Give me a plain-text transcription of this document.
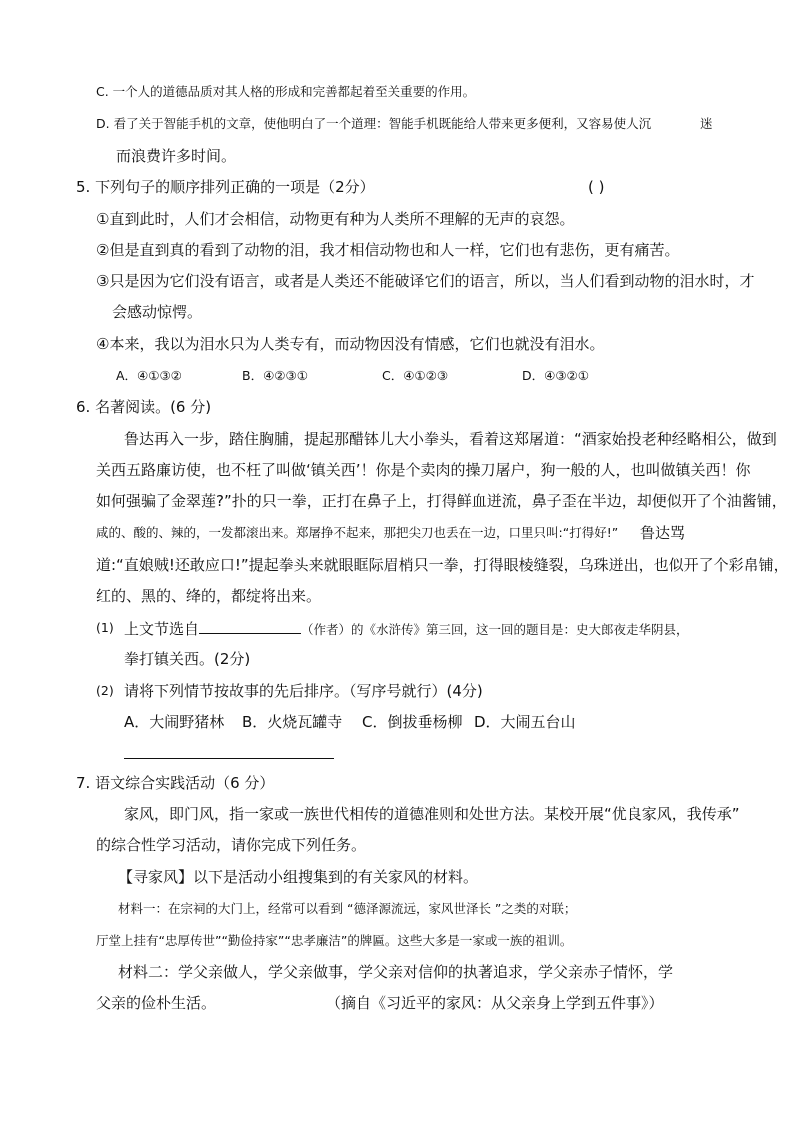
C. 一个人的道德品质对其人格的形成和完善都起着至关重要的作用。
D. 看了关于智能手机的文章，使他明白了一个道理：智能手机既能给人带来更多便利，又容易使人沉	迷
而浪费许多时间。
5. 下列句子的顺序排列正确的一项是（2分）	( )
①直到此时，人们才会相信，动物更有种为人类所不理解的无声的哀怨。
②但是直到真的看到了动物的泪，我才相信动物也和人一样，它们也有悲伤，更有痛苦。
③只是因为它们没有语言，或者是人类还不能破译它们的语言，所以，当人们看到动物的泪水时，才
会感动惊愕。
④本来，我以为泪水只为人类专有，而动物因没有情感，它们也就没有泪水。
A．④①③②	B．④②③①	C．④①②③	D．④③②①
6. 名著阅读。(6 分)
鲁达再入一步，踏住胸脯，提起那醋钵儿大小拳头，看着这郑屠道：“酒家始投老种经略相公，做到
关西五路廉访使，也不枉了叫做‘镇关西’！你是个卖肉的操刀屠户，狗一般的人，也叫做镇关西！你
如何强骗了金翠莲?”扑的只一拳，正打在鼻子上，打得鲜血迸流，鼻子歪在半边，却便似开了个油酱铺，
咸的、酸的、辣的，一发都滚出来。郑屠挣不起来，那把尖刀也丢在一边，口里只叫:“打得好!” 鲁达骂
道:“直娘贼!还敢应口!”提起拳头来就眼眶际眉梢只一拳，打得眼棱缝裂，乌珠迸出，也似开了个彩帛铺，
红的、黑的、绛的，都绽将出来。
(1) 上文节选自	（作者）的《水浒传》第三回，这一回的题目是：史大郎夜走华阴县，
拳打镇关西。(2分)
(2) 请将下列情节按故事的先后排序。（写序号就行）(4分)
A．大闹野猪林 B．火烧瓦罐寺 C．倒拔垂杨柳 D．大闹五台山
7. 语文综合实践活动（6 分）
家风，即门风，指一家或一族世代相传的道德准则和处世方法。某校开展“优良家风，我传承”
的综合性学习活动，请你完成下列任务。
【寻家风】以下是活动小组搜集到的有关家风的材料。
材料一：在宗祠的大门上，经常可以看到 “德泽源流远，家风世泽长 ”之类的对联；
厅堂上挂有“忠厚传世”“勤俭持家”“忠孝廉洁”的牌匾。这些大多是一家或一族的祖训。
材料二：学父亲做人，学父亲做事，学父亲对信仰的执著追求，学父亲赤子情怀，学
父亲的俭朴生活。	（摘自《习近平的家风：从父亲身上学到五件事》）
